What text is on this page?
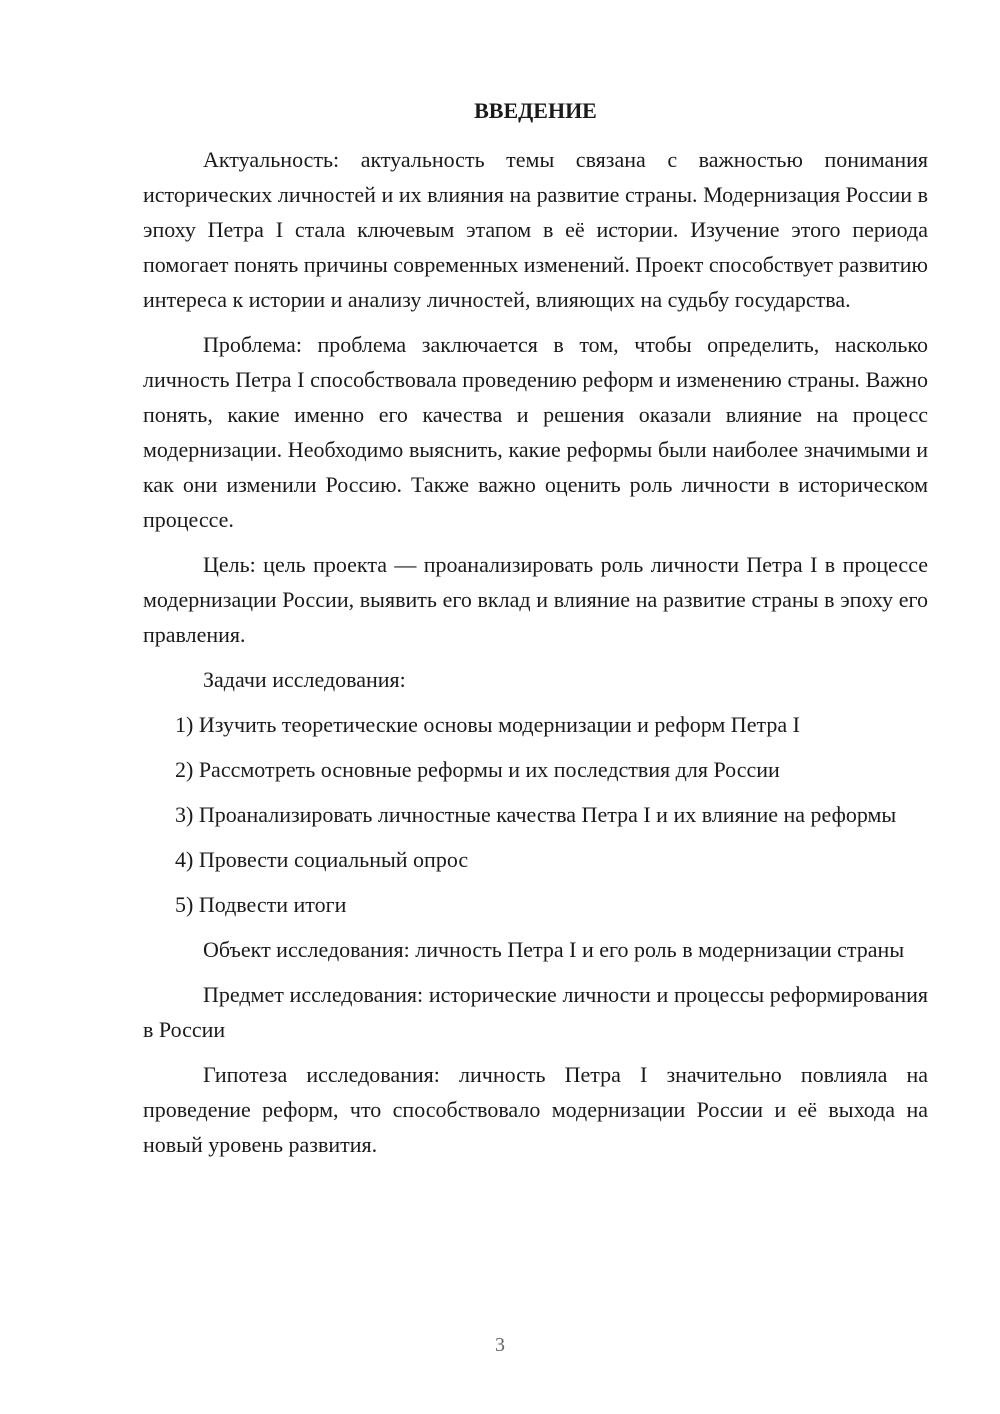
ВВЕДЕНИЕ

Актуальность: актуальность темы связана с важностью понимания исторических личностей и их влияния на развитие страны. Модернизация России в эпоху Петра I стала ключевым этапом в её истории. Изучение этого периода помогает понять причины современных изменений. Проект способствует развитию интереса к истории и анализу личностей, влияющих на судьбу государства.

Проблема: проблема заключается в том, чтобы определить, насколько личность Петра I способствовала проведению реформ и изменению страны. Важно понять, какие именно его качества и решения оказали влияние на процесс модернизации. Необходимо выяснить, какие реформы были наиболее значимыми и как они изменили Россию. Также важно оценить роль личности в историческом процессе.

Цель: цель проекта — проанализировать роль личности Петра I в процессе модернизации России, выявить его вклад и влияние на развитие страны в эпоху его правления.

Задачи исследования:

1) Изучить теоретические основы модернизации и реформ Петра I

2) Рассмотреть основные реформы и их последствия для России

3) Проанализировать личностные качества Петра I и их влияние на реформы

4) Провести социальный опрос

5) Подвести итоги

Объект исследования: личность Петра I и его роль в модернизации страны

Предмет исследования: исторические личности и процессы реформирования в России

Гипотеза исследования: личность Петра I значительно повлияла на проведение реформ, что способствовало модернизации России и её выхода на новый уровень развития.

3
